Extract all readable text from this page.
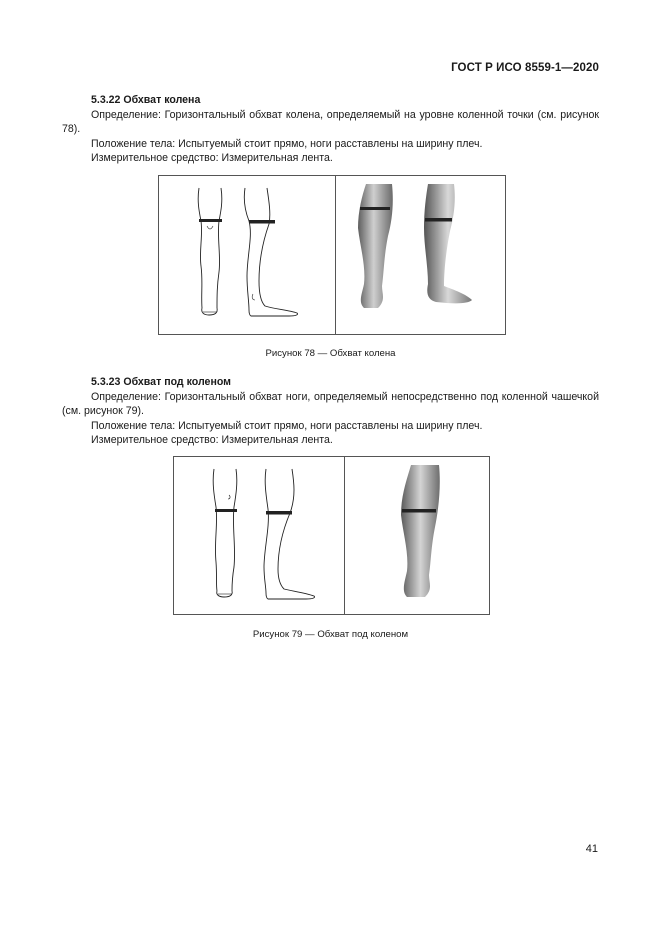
ГОСТ Р ИСО 8559-1—2020

5.3.22 Обхват колена

Определение: Горизонтальный обхват колена, определяемый на уровне коленной точки (см. рисунок 78).

Положение тела: Испытуемый стоит прямо, ноги расставлены на ширину плеч.

Измерительное средство: Измерительная лента.

Рисунок 78 — Обхват колена

5.3.23 Обхват под коленом

Определение: Горизонтальный обхват ноги, определяемый непосредственно под коленной чашечкой (см. рисунок 79).

Положение тела: Испытуемый стоит прямо, ноги расставлены на ширину плеч.

Измерительное средство: Измерительная лента.

Рисунок 79 — Обхват под коленом
41
